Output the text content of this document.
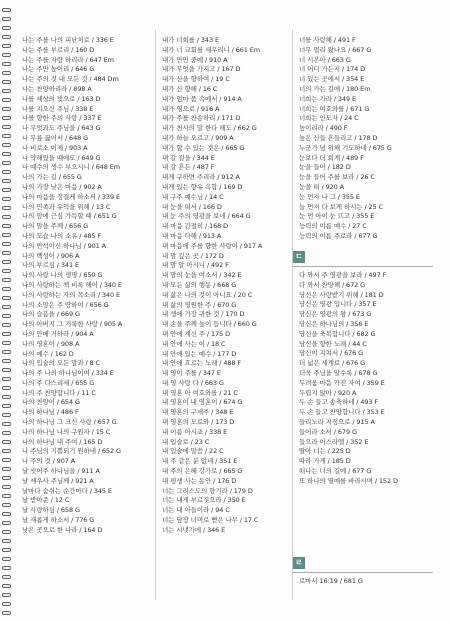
나는 주를 나의 피난처로 / 336 E
나는 주를 부르리 / 160 D
나는 주를 자랑 하리라 / 647 Em
나는 주만 높이리 / 646 G
나는 주의 것 내 모든 것 / 484 Dm
나는 찬양하리라 / 898 A
나를 세상의 빛으로 / 163 D
나를 지으신 주님 / 338 E
나를 향한 주의 사랑 / 337 E
나 무엇과도 주님을 / 643 G
나 무릎 꿇어서 / 648 G
나 비로소 이제 / 903 A
나 약해있을 때에도 / 649 G
나 예수의 생수 부으시니 / 648 Em
나의 가는 길 / 655 G
나의 가장 낮은 마음 / 902 A
나의 마음을 정결케 하소서 / 339 E
나의 만족과 유익을 위해 / 13 C
나의 맘에 근심 가득할 때 / 651 G
나의 맘을 주께 / 656 G
나의 모습 나의 소유 / 485 F
나의 반석이신 하나님 / 901 A
나의 백성이 / 906 A
나의 부르심 / 341 E
나의 사랑 나의 생명 / 650 G
나의 사랑하는 책 비록 해어 / 340 E
나의 사랑하는 자의 목소리 / 340 E
나의 소망은 주 땅하여 / 656 G
나의 슬픔을 / 669 G
나의 아버지 그 거룩한 사랑 / 905 A
나의 안에 거하라 / 904 A
나의 영혼이 / 908 A
나의 예수 / 162 D
나의 입술의 모든 말과 / 8 C
나의 주 나의 하나님이여 / 334 E
나의 주 다스리세 / 655 G
나의 주 찬양합니다 / 11 C
나의 찬양이 / 654 G
나의 하나님 / 486 F
나의 하나님 그 크신 사랑 / 657 G
나의 하나님 나의 구원자 / 15 C
나의 하나님 내 주여 / 165 D
나 주님의 기쁨되기 원하네 / 652 G
나 주의 것 / 907 A
날 씻어주 하나님을 / 911 A
날 세우사 주님께 / 921 A
날마다 숨쉬는 순간마다 / 345 E
날 받아준 / 12 C
날 사랑하심 / 658 G
날 새롭게 하소서 / 776 G
낮은 곳으로 한 나라 / 164 D
내가 너희를 / 343 E
내가 너 교회를 세우리니 / 661 Em
내가 만민 중에 / 910 A
내가 무엇을 가지고 / 167 D
내가 산을 향하여 / 19 C
내가 산 향해 / 16 C
내가 엄마 품 속에서 / 914 A
내가 영으로 / 916 A
내가 주를 찬송하리 / 171 D
내가 천사의 말 한다 해도 / 662 G
내가 하늘 오르고 / 909 A
내가 할 수 있는 것은 / 665 G
내 갈 길을 / 344 E
내 갈 흔든 / 487 F
내게 구하면 주리라 / 912 A
내게 있는 향유 옥합 / 169 D
내 구주 예수님 / 14 C
내 눈을 떠서 / 166 D
내 눈 주의 영광을 보네 / 664 G
내 마음 간절히 / 168 D
내 마음 다해 / 913 A
내 마음에 주를 향한 사랑이 / 917 A
내 맘 깊은 곳 / 172 D
내 맘 알 아시니 / 492 F
내 맘의 눈을 여소서 / 342 E
내 모든 삶의 행동 / 668 G
내 삶은 나의 것이 아니요 / 20 C
내 삶의 영원한 주 / 670 G
내 생에 가장 귀한 것 / 170 D
내 손을 주께 높이 듭니다 / 660 G
내 안에 계신 주 / 175 D
내 안에 사는 이 / 18 C
내 안에 있는 예수 / 177 D
내 안에 흐르는 노래 / 488 F
내 영이 주를 / 347 E
내 영 사랑 다 / 663 G
내 영혼 아 여호와를 / 21 C
내 영혼이 내 영혼이 / 674 G
내 영혼의 구세주 / 348 E
내 영혼의 모토와 / 173 D
내 이름 아시죠 / 338 E
내 입술로 / 23 C
내 입술에 말씀 / 22 C
내 주 같은 분 없네 / 351 E
내 주의 은혜 강가로 / 665 G
내 평생 사는 동안 / 176 D
너는 그리스도의 향기라 / 179 D
너는 내게 부르짖으라 / 350 E
너는 내 아들이라 / 94 C
너는 담장 너머로 뻗은 나무 / 17 C
너는 시냇가에 / 346 E
너를 사랑해 / 491 F
너무 멀리 왔나요 / 667 G
너 시온아 / 663 G
너 어디 가든지 / 174 D
너 있는 곳에서 / 354 E
너의 가는 길에 / 180 Em
너희는 가라 / 349 E
너희는 여호와를 / 671 G
너희는 인도자 / 24 C
높이리라 / 490 F
높은 산들 흔들리고 / 178 D
누군가 널 위해 기도하네 / 675 G
눈보다 더 희게 / 489 F
눈을 들어 / 182 D
눈을 들어 주를 보라 / 26 C
눈을 떠 / 920 A
눈 먼자 나 그 / 355 E
늘 먼저 다 보게 하시는 / 25 C
눈 먼 아이 눈 뜨고 / 355 E
능력의 이름 예수 / 27 C
능력의 이름 주로라 / 677 G
ㄷ
다 와서 주 영광을 보라 / 497 F
다 와서 찬양해 / 672 G
당신은 사랑받기 위해 / 181 D
당신은 영광 입니다 / 357 E
당신은 영광의 왕 / 673 G
당신은 하나님의 / 356 E
당신을 축복합니다 / 682 G
당신을 향한 노래 / 44 C
당신이 지쳐서 / 676 G
더 넓은 세계로 / 676 G
더욱 주님을 알수록 / 678 G
두려움 마음 가진 자여 / 359 E
두렵지 않아 / 920 A
두 손 들고 송축하네 / 493 F
두 손 들고 찬양합니다 / 353 E
들리노라 지정으로 / 915 A
들어라 소서 / 679 G
들으라 이스라엘 / 352 E
딸아 너는 / 225 D
따라 가게 / 185 D
떠나는 너의 길에 / 677 G
또 하나의 열매를 바라시며 / 152 D
ㄹ
로마서 16:19 / 681 G
